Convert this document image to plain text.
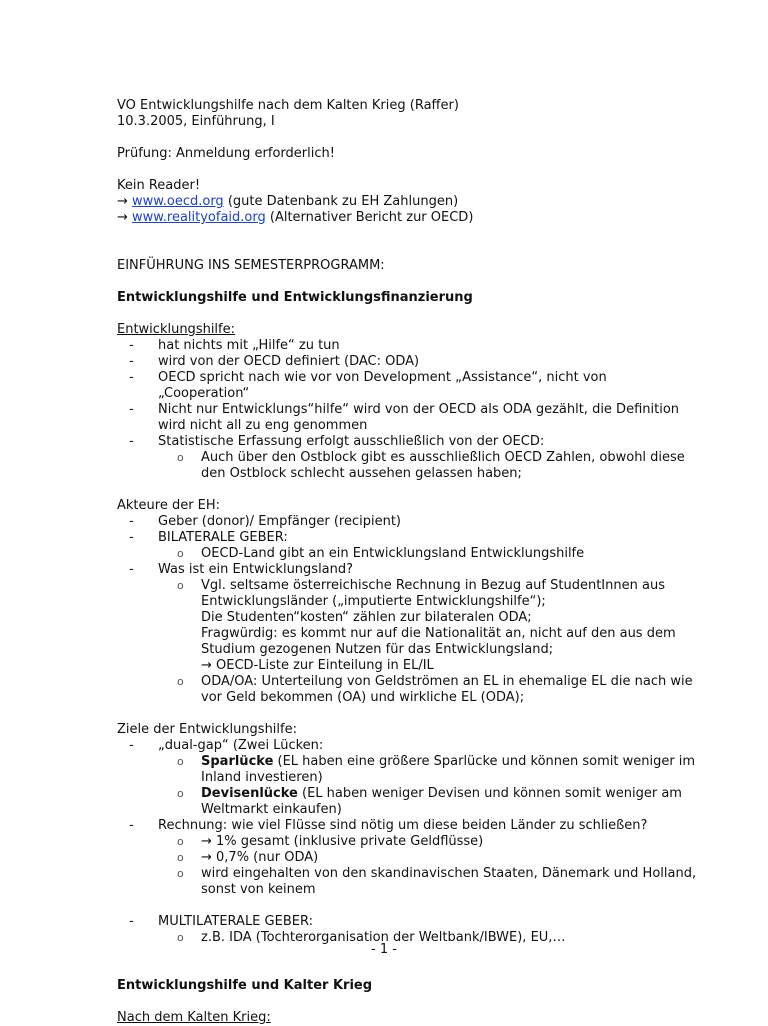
VO Entwicklungshilfe nach dem Kalten Krieg (Raffer)
10.3.2005, Einführung, I
Prüfung: Anmeldung erforderlich!
Kein Reader!
→ www.oecd.org (gute Datenbank zu EH Zahlungen)
→ www.realityofaid.org (Alternativer Bericht zur OECD)
EINFÜHRUNG INS SEMESTERPROGRAMM:
Entwicklungshilfe und Entwicklungsfinanzierung
Entwicklungshilfe:
- hat nichts mit „Hilfe“ zu tun
- wird von der OECD definiert (DAC: ODA)
- OECD spricht nach wie vor von Development „Assistance“, nicht von „Cooperation“
- Nicht nur Entwicklungs“hilfe“ wird von der OECD als ODA gezählt, die Definition wird nicht all zu eng genommen
- Statistische Erfassung erfolgt ausschließlich von der OECD:
o Auch über den Ostblock gibt es ausschließlich OECD Zahlen, obwohl diese den Ostblock schlecht aussehen gelassen haben;
Akteure der EH:
- Geber (donor)/ Empfänger (recipient)
- BILATERALE GEBER:
o OECD-Land gibt an ein Entwicklungsland Entwicklungshilfe
- Was ist ein Entwicklungsland?
o Vgl. seltsame österreichische Rechnung in Bezug auf StudentInnen aus Entwicklungsländer („imputierte Entwicklungshilfe“);
Die Studenten“kosten“ zählen zur bilateralen ODA;
Fragwürdig: es kommt nur auf die Nationalität an, nicht auf den aus dem Studium gezogenen Nutzen für das Entwicklungsland;
→ OECD-Liste zur Einteilung in EL/IL
o ODA/OA: Unterteilung von Geldströmen an EL in ehemalige EL die nach wie vor Geld bekommen (OA) und wirkliche EL (ODA);
Ziele der Entwicklungshilfe:
- „dual-gap“ (Zwei Lücken:
o Sparlücke (EL haben eine größere Sparlücke und können somit weniger im Inland investieren)
o Devisenlücke (EL haben weniger Devisen und können somit weniger am Weltmarkt einkaufen)
- Rechnung: wie viel Flüsse sind nötig um diese beiden Länder zu schließen?
o → 1% gesamt (inklusive private Geldflüsse)
o → 0,7% (nur ODA)
o wird eingehalten von den skandinavischen Staaten, Dänemark und Holland, sonst von keinem
- MULTILATERALE GEBER:
o z.B. IDA (Tochterorganisation der Weltbank/IBWE), EU,…
Entwicklungshilfe und Kalter Krieg
Nach dem Kalten Krieg:
- 1 -
